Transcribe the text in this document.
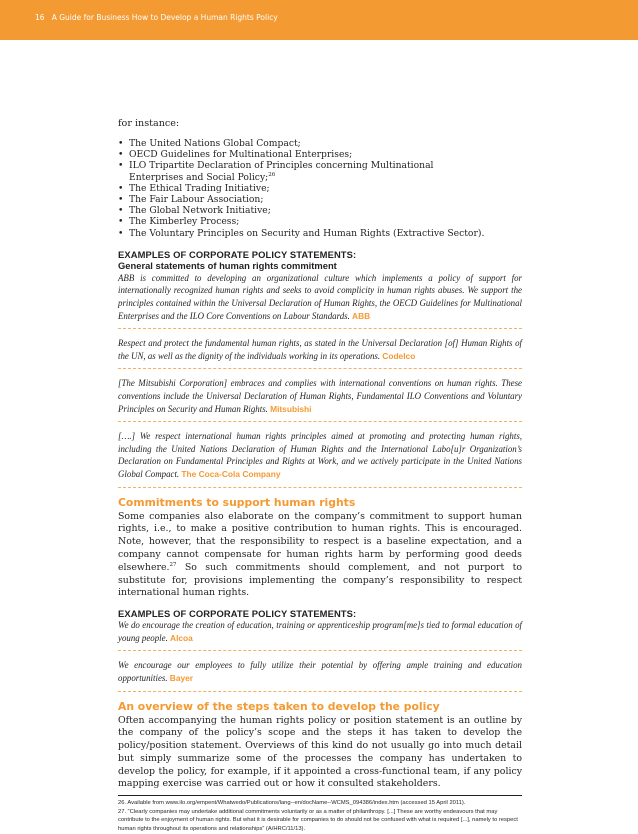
16 A Guide for Business How to Develop a Human Rights Policy

for instance:

• The United Nations Global Compact;
• OECD Guidelines for Multinational Enterprises;
• ILO Tripartite Declaration of Principles concerning Multinational
Enterprises and Social Policy;$^{26}$
• The Ethical Trading Initiative;
• The Fair Labour Association;
• The Global Network Initiative;
• The Kimberley Process;
• The Voluntary Principles on Security and Human Rights (Extractive Sector).
EXAMPLES OF CORPORATE POLICY STATEMENTS:
General statements of human rights commitment
ABB is committed to developing an organizational culture which implements a policy of support for internationally recognized human rights and seeks to avoid complicity in human rights abuses. We support the principles contained within the Universal Declaration of Human Rights, the OECD Guidelines for Multinational Enterprises and the ILO Core Conventions on Labour Standards. ABB
Respect and protect the fundamental human rights, as stated in the Universal Declaration [of] Human Rights of the UN, as well as the dignity of the individuals working in its operations. Codelco
[The Mitsubishi Corporation] embraces and complies with international conventions on human rights. These conventions include the Universal Declaration of Human Rights, Fundamental ILO Conventions and Voluntary Principles on Security and Human Rights. Mitsubishi
[….] We respect international human rights principles aimed at promoting and protecting human rights, including the United Nations Declaration of Human Rights and the International Labo[u]r Organization’s Declaration on Fundamental Principles and Rights at Work, and we actively participate in the United Nations Global Compact. The Coca-Cola Company
Commitments to support human rights
Some companies also elaborate on the company’s commitment to support human rights, i.e., to make a positive contribution to human rights. This is encouraged. Note, however, that the responsibility to respect is a baseline expectation, and a company cannot compensate for human rights harm by performing good deeds elsewhere.$^{27}$ So such commitments should complement, and not purport to substitute for, provisions implementing the company’s responsibility to respect international human rights.
EXAMPLES OF CORPORATE POLICY STATEMENTS:
We do encourage the creation of education, training or apprenticeship program[me]s tied to formal education of young people. Alcoa
We encourage our employees to fully utilize their potential by offering ample training and education opportunities. Bayer
An overview of the steps taken to develop the policy
Often accompanying the human rights policy or position statement is an outline by the company of the policy’s scope and the steps it has taken to develop the policy/position statement. Overviews of this kind do not usually go into much detail but simply summarize some of the processes the company has undertaken to develop the policy, for example, if it appointed a cross-functional team, if any policy mapping exercise was carried out or how it consulted stakeholders.
26. Available from www.ilo.org/empent/Whatwedo/Publications/lang--en/docName--WCMS_094386/index.htm (accessed 15 April 2011).
27. “Clearly companies may undertake additional commitments voluntarily or as a matter of philanthropy. [...] These are worthy endeavours that may contribute to the enjoyment of human rights. But what it is desirable for companies to do should not be confused with what is required [...], namely to respect human rights throughout its operations and relationships” (A/HRC/11/13).
